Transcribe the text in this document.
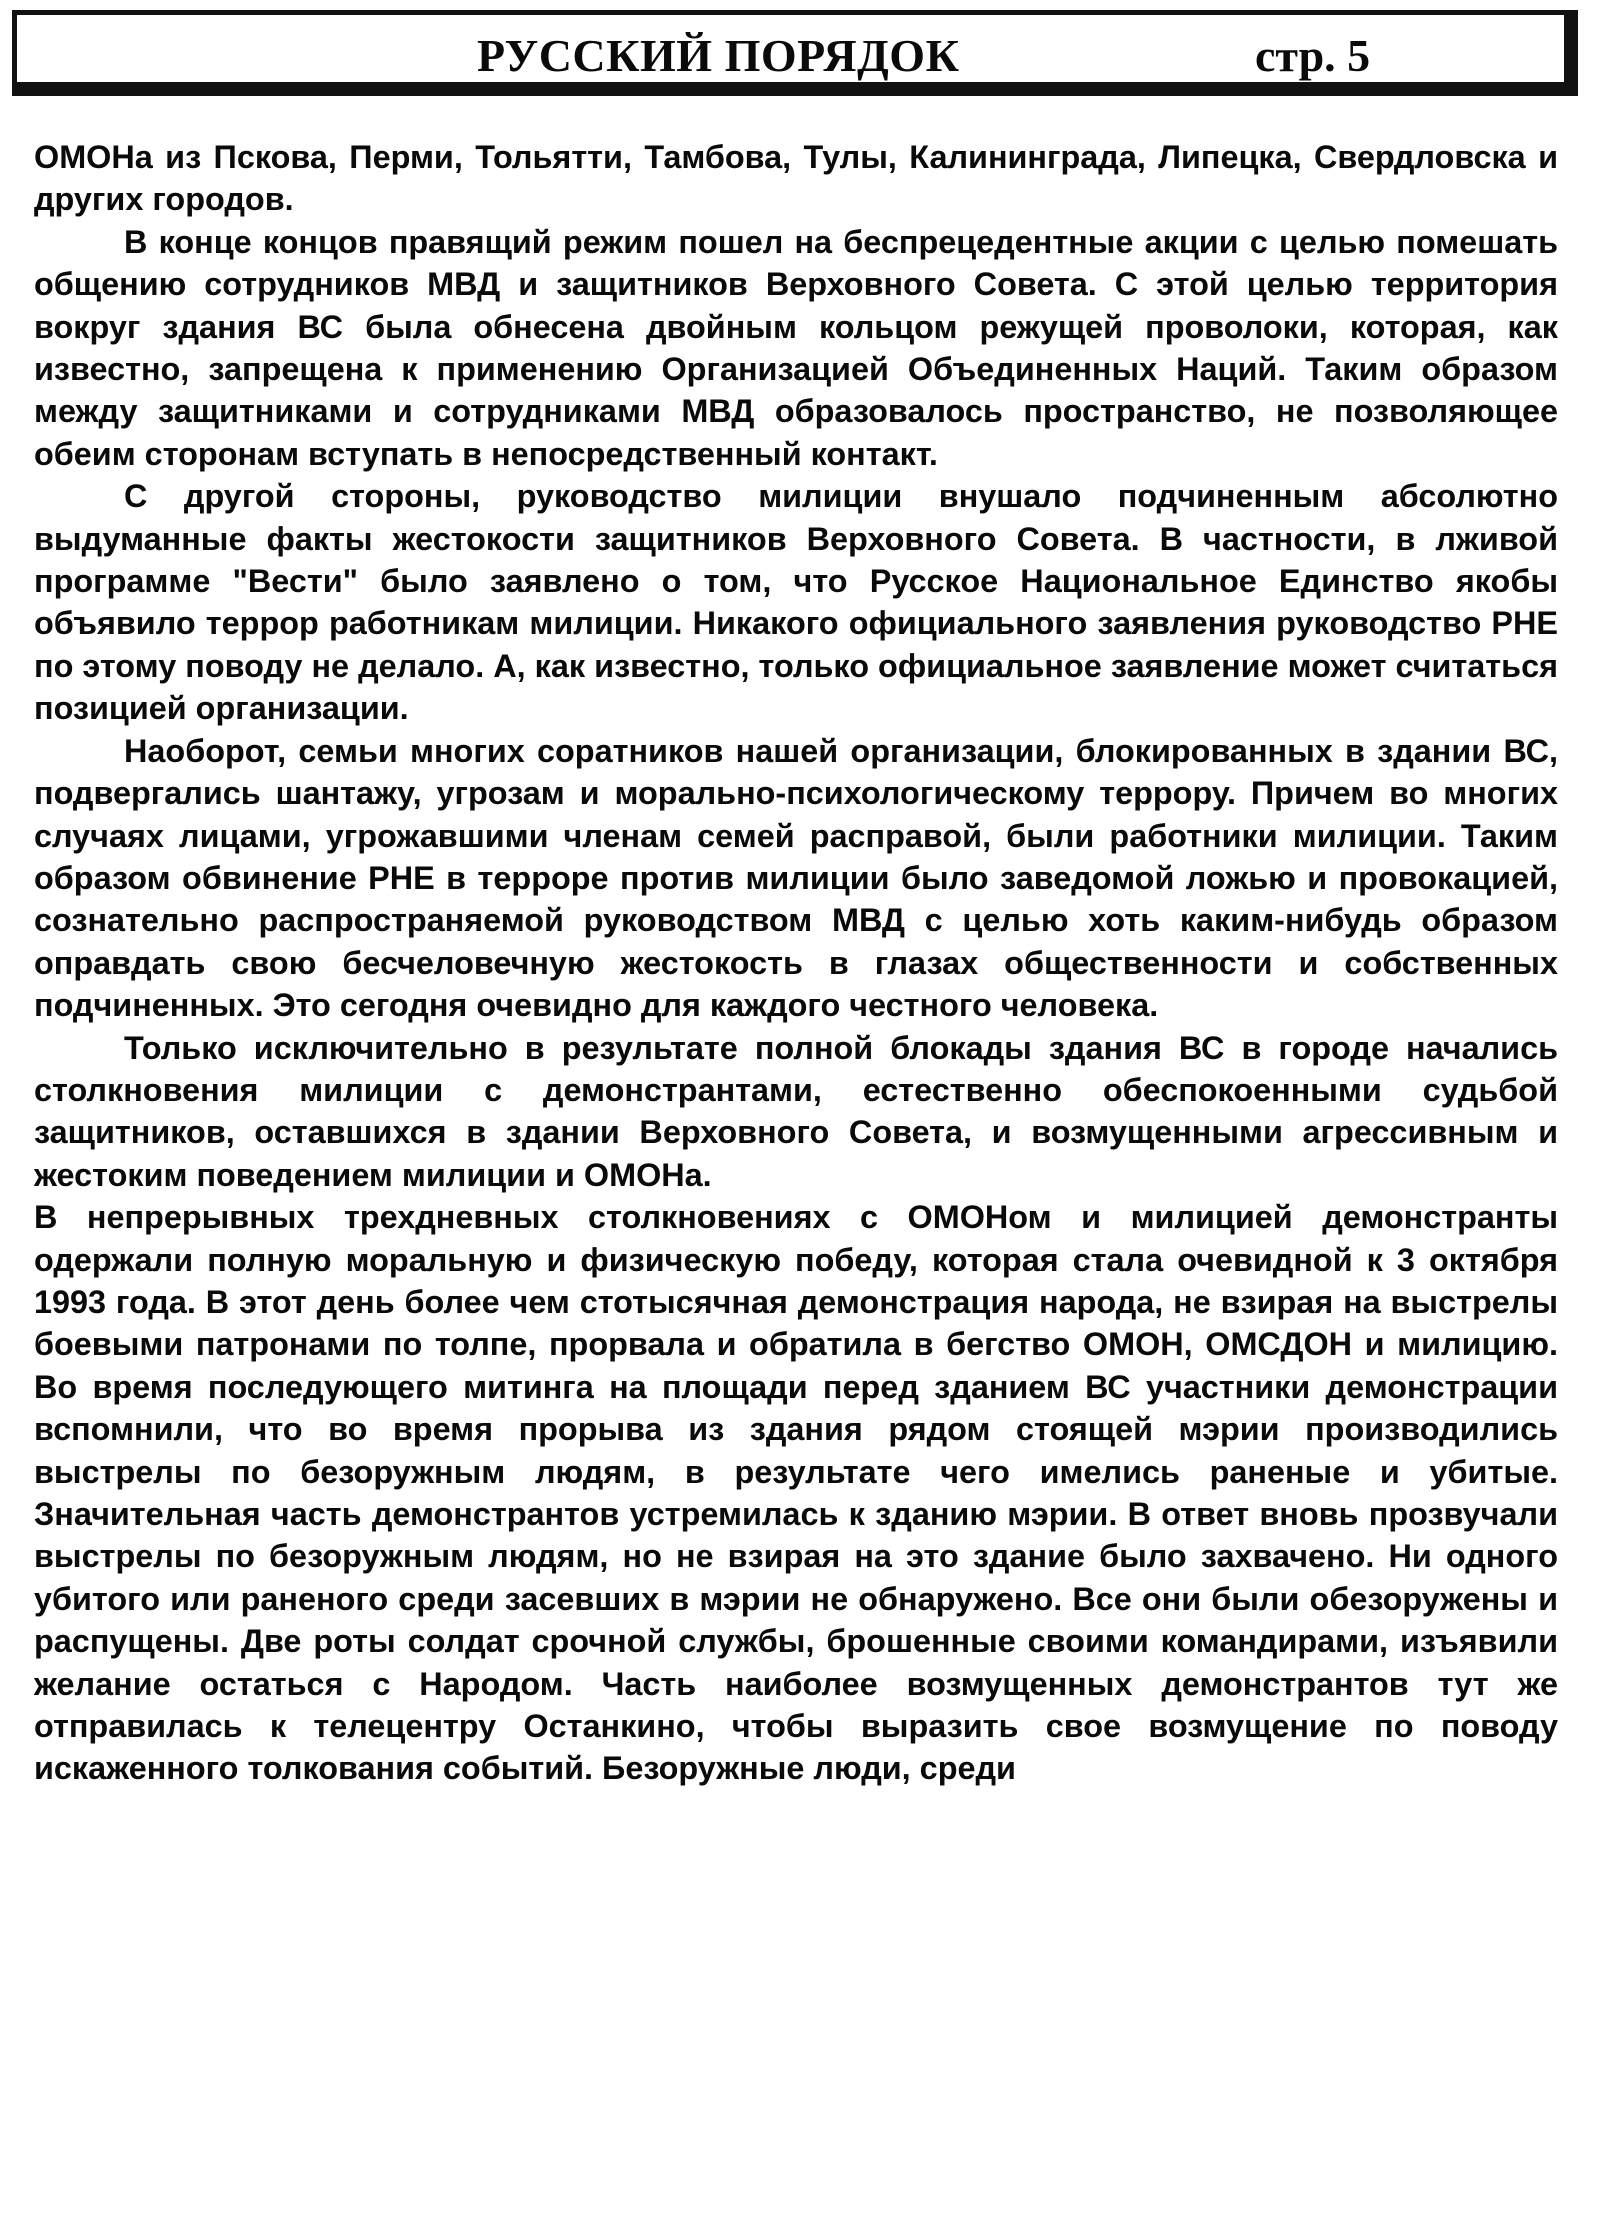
РУССКИЙ ПОРЯДОК	стр. 5

ОМОНа из Пскова, Перми, Тольятти, Тамбова, Тулы, Калининграда, Липецка, Свердловска и других городов.

В конце концов правящий режим пошел на беспрецедентные акции с целью помешать общению сотрудников МВД и защитников Верховного Совета. С этой целью территория вокруг здания ВС была обнесена двойным кольцом режущей проволоки, которая, как известно, запрещена к применению Организацией Объединенных Наций. Таким образом между защитниками и сотрудниками МВД образовалось пространство, не позволяющее обеим сторонам вступать в непосредственный контакт.

С другой стороны, руководство милиции внушало подчиненным абсолютно выдуманные факты жестокости защитников Верховного Совета. В частности, в лживой программе "Вести" было заявлено о том, что Русское Национальное Единство якобы объявило террор работникам милиции. Никакого официального заявления руководство РНЕ по этому поводу не делало. А, как известно, только официальное заявление может считаться позицией организации.

Наоборот, семьи многих соратников нашей организации, блокированных в здании ВС, подвергались шантажу, угрозам и морально-психологическому террору. Причем во многих случаях лицами, угрожавшими членам семей расправой, были работники милиции. Таким образом обвинение РНЕ в терроре против милиции было заведомой ложью и провокацией, сознательно распространяемой руководством МВД с целью хоть каким-нибудь образом оправдать свою бесчеловечную жестокость в глазах общественности и собственных подчиненных. Это сегодня очевидно для каждого честного человека.

Только исключительно в результате полной блокады здания ВС в городе начались столкновения милиции с демонстрантами, естественно обеспокоенными судьбой защитников, оставшихся в здании Верховного Совета, и возмущенными агрессивным и жестоким поведением милиции и ОМОНа.

В непрерывных трехдневных столкновениях с ОМОНом и милицией демонстранты одержали полную моральную и физическую победу, которая стала очевидной к 3 октября 1993 года. В этот день более чем стотысячная демонстрация народа, не взирая на выстрелы боевыми патронами по толпе, прорвала и обратила в бегство ОМОН, ОМСДОН и милицию. Во время последующего митинга на площади перед зданием ВС участники демонстрации вспомнили, что во время прорыва из здания рядом стоящей мэрии производились выстрелы по безоружным людям, в результате чего имелись раненые и убитые. Значительная часть демонстрантов устремилась к зданию мэрии. В ответ вновь прозвучали выстрелы по безоружным людям, но не взирая на это здание было захвачено. Ни одного убитого или раненого среди засевших в мэрии не обнаружено. Все они были обезоружены и распущены. Две роты солдат срочной службы, брошенные своими командирами, изъявили желание остаться с Народом. Часть наиболее возмущенных демонстрантов тут же отправилась к телецентру Останкино, чтобы выразить свое возмущение по поводу искаженного толкования событий. Безоружные люди, среди
